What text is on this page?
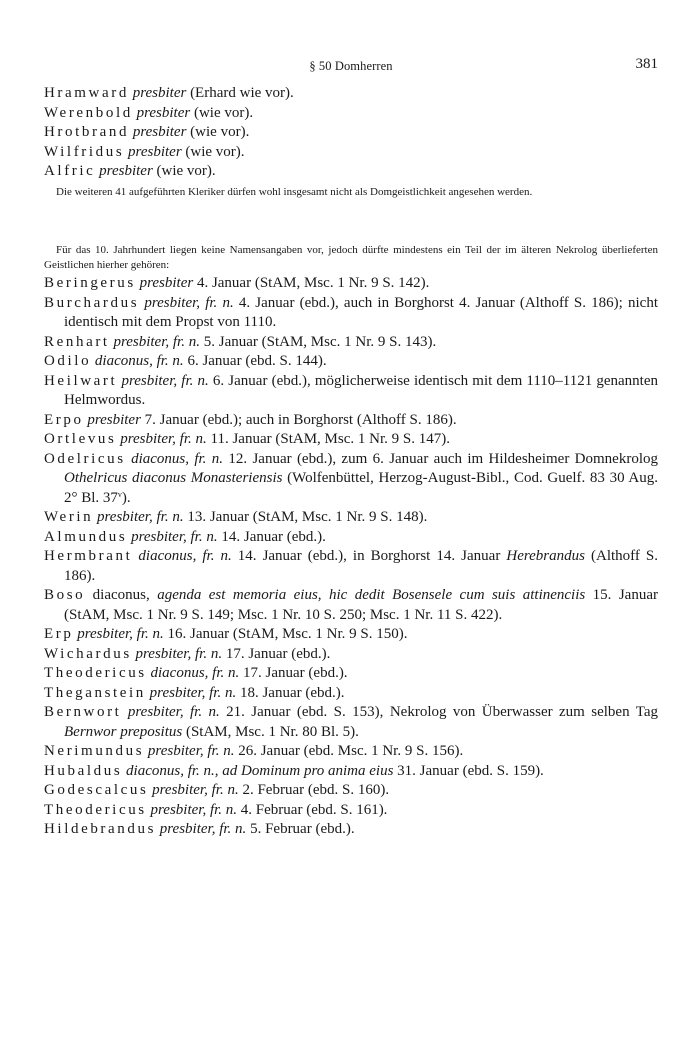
§ 50 Domherren	381

Hramward presbiter (Erhard wie vor).

Werenbold presbiter (wie vor).

Hrotbrand presbiter (wie vor).

Wilfridus presbiter (wie vor).

Alfric presbiter (wie vor).

Die weiteren 41 aufgeführten Kleriker dürfen wohl insgesamt nicht als Domgeistlichkeit angesehen werden.

Für das 10. Jahrhundert liegen keine Namensangaben vor, jedoch dürfte mindestens ein Teil der im älteren Nekrolog überlieferten Geistlichen hierher gehören:

Beringerus presbiter 4. Januar (StAM, Msc. 1 Nr. 9 S. 142).

Burchardus presbiter, fr. n. 4. Januar (ebd.), auch in Borghorst 4. Januar (Althoff S. 186); nicht identisch mit dem Propst von 1110.

Renhart presbiter, fr. n. 5. Januar (StAM, Msc. 1 Nr. 9 S. 143).

Odilo diaconus, fr. n. 6. Januar (ebd. S. 144).

Heilwart presbiter, fr. n. 6. Januar (ebd.), möglicherweise identisch mit dem 1110–1121 genannten Helmwordus.

Erpo presbiter 7. Januar (ebd.); auch in Borghorst (Althoff S. 186).

Ortlevus presbiter, fr. n. 11. Januar (StAM, Msc. 1 Nr. 9 S. 147).

Odelricus diaconus, fr. n. 12. Januar (ebd.), zum 6. Januar auch im Hildesheimer Domnekrolog Othelricus diaconus Monasteriensis (Wolfenbüttel, Herzog-August-Bibl., Cod. Guelf. 83 30 Aug. 2° Bl. 37$^v$).

Werin presbiter, fr. n. 13. Januar (StAM, Msc. 1 Nr. 9 S. 148).

Almundus presbiter, fr. n. 14. Januar (ebd.).

Hermbrant diaconus, fr. n. 14. Januar (ebd.), in Borghorst 14. Januar Herebrandus (Althoff S. 186).

Boso diaconus, agenda est memoria eius, hic dedit Bosensele cum suis attinenciis 15. Januar (StAM, Msc. 1 Nr. 9 S. 149; Msc. 1 Nr. 10 S. 250; Msc. 1 Nr. 11 S. 422).

Erp presbiter, fr. n. 16. Januar (StAM, Msc. 1 Nr. 9 S. 150).

Wichardus presbiter, fr. n. 17. Januar (ebd.).

Theodericus diaconus, fr. n. 17. Januar (ebd.).

Theganstein presbiter, fr. n. 18. Januar (ebd.).

Bernwort presbiter, fr. n. 21. Januar (ebd. S. 153), Nekrolog von Überwasser zum selben Tag Bernwor prepositus (StAM, Msc. 1 Nr. 80 Bl. 5).

Nerimundus presbiter, fr. n. 26. Januar (ebd. Msc. 1 Nr. 9 S. 156).

Hubaldus diaconus, fr. n., ad Dominum pro anima eius 31. Januar (ebd. S. 159).

Godescalcus presbiter, fr. n. 2. Februar (ebd. S. 160).

Theodericus presbiter, fr. n. 4. Februar (ebd. S. 161).

Hildebrandus presbiter, fr. n. 5. Februar (ebd.).
